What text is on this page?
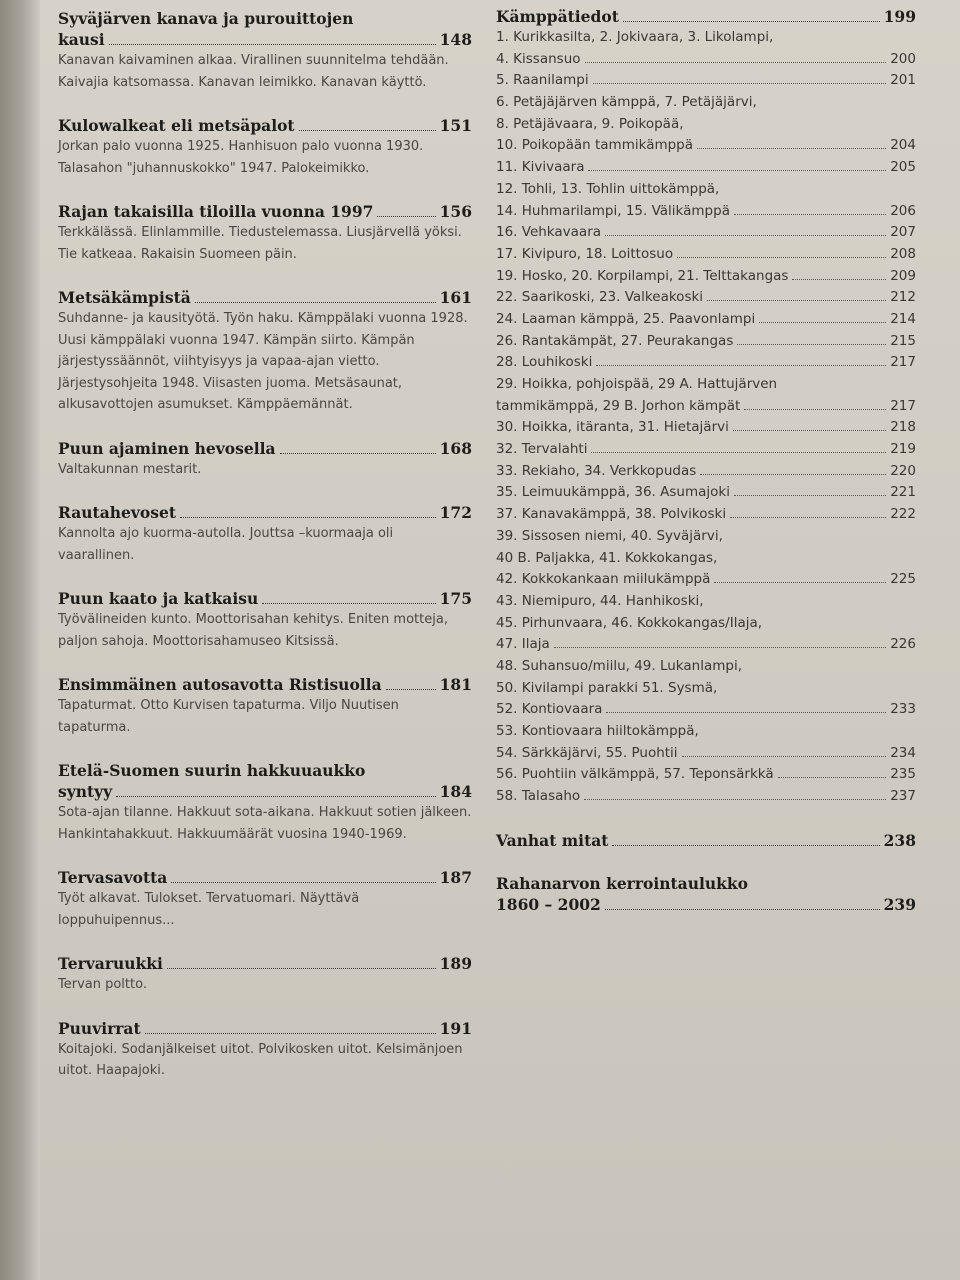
Syväjärven kanava ja purouittojen
kausi	148
Kanavan kaivaminen alkaa. Virallinen suunnitelma tehdään. Kaivajia katsomassa. Kanavan leimikko. Kanavan käyttö.
Kulowalkeat eli metsäpalot	151
Jorkan palo vuonna 1925. Hanhisuon palo vuonna 1930. Talasahon "juhannuskokko" 1947. Palokeimikko.
Rajan takaisilla tiloilla vuonna 1997	156
Terkkälässä. Elinlammille. Tiedustelemassa. Liusjärvellä yöksi. Tie katkeaa. Rakaisin Suomeen päin.
Metsäkämpistä	161
Suhdanne- ja kausityötä. Työn haku. Kämppälaki vuonna 1928. Uusi kämppälaki vuonna 1947. Kämpän siirto. Kämpän järjestyssäännöt, viihtyisyys ja vapaa-ajan vietto. Järjestysohjeita 1948. Viisasten juoma. Metsäsaunat, alkusavottojen asumukset. Kämppäemännät.
Puun ajaminen hevosella	168
Valtakunnan mestarit.
Rautahevoset	172
Kannolta ajo kuorma-autolla. Jouttsa –kuormaaja oli vaarallinen.
Puun kaato ja katkaisu	175
Työvälineiden kunto. Moottorisahan kehitys. Eniten motteja, paljon sahoja. Moottorisahamuseo Kitsissä.
Ensimmäinen autosavotta Ristisuolla	181
Tapaturmat. Otto Kurvisen tapaturma. Viljo Nuutisen tapaturma.
Etelä-Suomen suurin hakkuuaukko
syntyy	184
Sota-ajan tilanne. Hakkuut sota-aikana. Hakkuut sotien jälkeen. Hankintahakkuut. Hakkuumäärät vuosina 1940-1969.
Tervasavotta	187
Työt alkavat. Tulokset. Tervatuomari. Näyttävä loppuhuipennus...
Tervaruukki	189
Tervan poltto.
Puuvirrat	191
Koitajoki. Sodanjälkeiset uitot. Polvikosken uitot. Kelsimänjoen uitot. Haapajoki.
Kämppätiedot	199
1. Kurikkasilta, 2. Jokivaara, 3. Likolampi,
4. Kissansuo	200
5. Raanilampi	201
6. Petäjäjärven kämppä, 7. Petäjäjärvi,
8. Petäjävaara, 9. Poikopää,
10. Poikopään tammikämppä	204
11. Kivivaara	205
12. Tohli, 13. Tohlin uittokämppä,
14. Huhmarilampi, 15. Välikämppä	206
16. Vehkavaara	207
17. Kivipuro, 18. Loittosuo	208
19. Hosko, 20. Korpilampi, 21. Telttakangas	209
22. Saarikoski, 23. Valkeakoski	212
24. Laaman kämppä, 25. Paavonlampi	214
26. Rantakämpät, 27. Peurakangas	215
28. Louhikoski	217
29. Hoikka, pohjoispää, 29 A. Hattujärven
tammikämppä, 29 B. Jorhon kämpät	217
30. Hoikka, itäranta, 31. Hietajärvi	218
32. Tervalahti	219
33. Rekiaho, 34. Verkkopudas	220
35. Leimuukämppä, 36. Asumajoki	221
37. Kanavakämppä, 38. Polvikoski	222
39. Sissosen niemi, 40. Syväjärvi,
40 B. Paljakka, 41. Kokkokangas,
42. Kokkokankaan miilukämppä	225
43. Niemipuro, 44. Hanhikoski,
45. Pirhunvaara, 46. Kokkokangas/Ilaja,
47. Ilaja	226
48. Suhansuo/miilu, 49. Lukanlampi,
50. Kivilampi parakki 51. Sysmä,
52. Kontiovaara	233
53. Kontiovaara hiiltokämppä,
54. Särkkäjärvi, 55. Puohtii	234
56. Puohtiin välkämppä, 57. Teponsärkkä	235
58. Talasaho	237
Vanhat mitat	238
Rahanarvon kerrointaulukko
1860 – 2002	239
